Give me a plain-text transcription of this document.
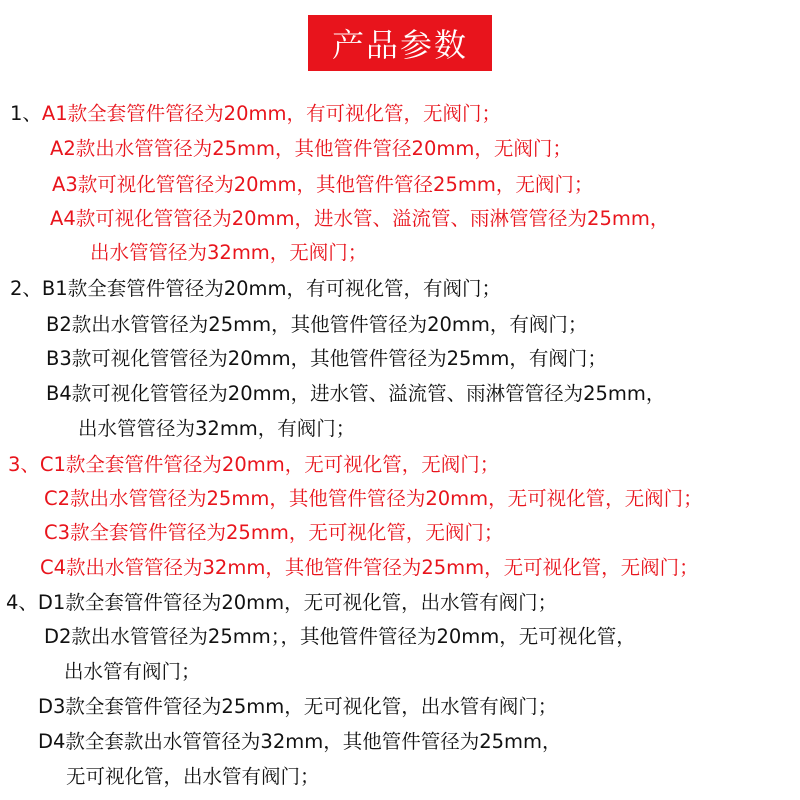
产品参数
1、A1款全套管件管径为20mm，有可视化管，无阀门；
A2款出水管管径为25mm，其他管件管径20mm，无阀门；
A3款可视化管管径为20mm，其他管件管径25mm，无阀门；
A4款可视化管管径为20mm，进水管、溢流管、雨淋管管径为25mm，
出水管管径为32mm，无阀门；
2、B1款全套管件管径为20mm，有可视化管，有阀门；
B2款出水管管径为25mm，其他管件管径为20mm，有阀门；
B3款可视化管管径为20mm，其他管件管径为25mm，有阀门；
B4款可视化管管径为20mm，进水管、溢流管、雨淋管管径为25mm，
出水管管径为32mm，有阀门；
3、C1款全套管件管径为20mm，无可视化管，无阀门；
C2款出水管管径为25mm，其他管件管径为20mm，无可视化管，无阀门；
C3款全套管件管径为25mm，无可视化管，无阀门；
C4款出水管管径为32mm，其他管件管径为25mm，无可视化管，无阀门；
4、D1款全套管件管径为20mm，无可视化管，出水管有阀门；
D2款出水管管径为25mm；，其他管件管径为20mm，无可视化管，
出水管有阀门；
D3款全套管件管径为25mm，无可视化管，出水管有阀门；
D4款全套款出水管管径为32mm，其他管件管径为25mm，
无可视化管，出水管有阀门；
